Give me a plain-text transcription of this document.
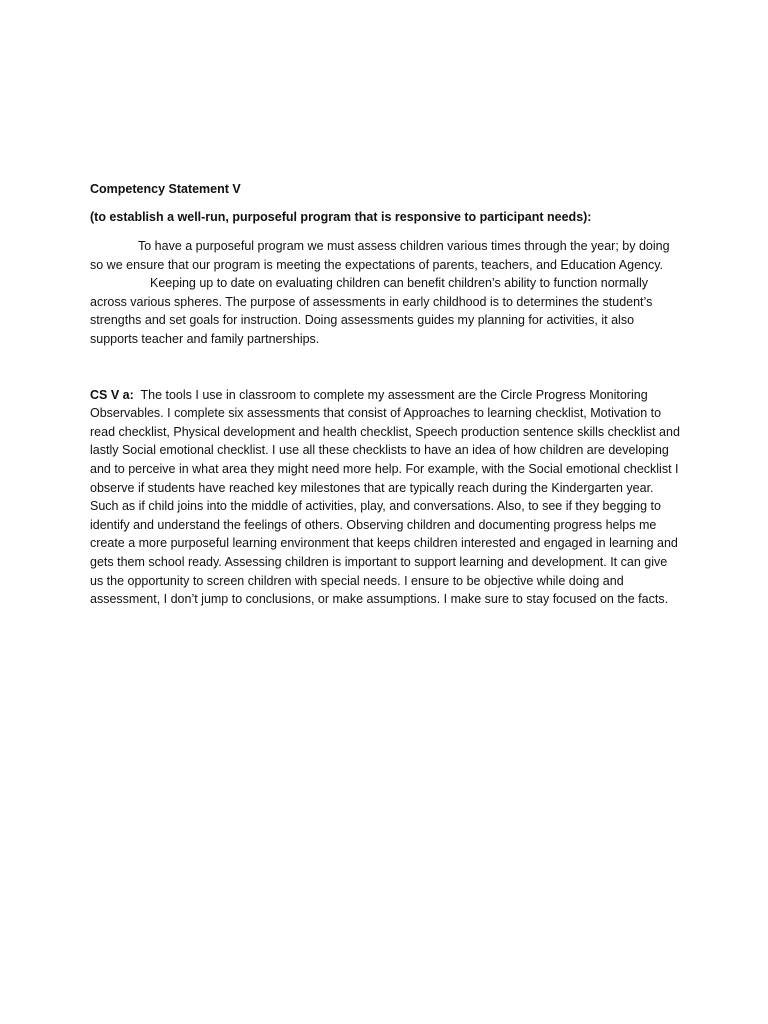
Competency Statement V
(to establish a well-run, purposeful program that is responsive to participant needs):

To have a purposeful program we must assess children various times through the year; by doing so we ensure that our program is meeting the expectations of parents, teachers, and Education Agency.

Keeping up to date on evaluating children can benefit children’s ability to function normally across various spheres. The purpose of assessments in early childhood is to determines the student’s strengths and set goals for instruction. Doing assessments guides my planning for activities, it also supports teacher and family partnerships.

CS V a: The tools I use in classroom to complete my assessment are the Circle Progress Monitoring Observables. I complete six assessments that consist of Approaches to learning checklist, Motivation to read checklist, Physical development and health checklist, Speech production sentence skills checklist and lastly Social emotional checklist. I use all these checklists to have an idea of how children are developing and to perceive in what area they might need more help. For example, with the Social emotional checklist I observe if students have reached key milestones that are typically reach during the Kindergarten year. Such as if child joins into the middle of activities, play, and conversations. Also, to see if they begging to identify and understand the feelings of others. Observing children and documenting progress helps me create a more purposeful learning environment that keeps children interested and engaged in learning and gets them school ready. Assessing children is important to support learning and development. It can give us the opportunity to screen children with special needs. I ensure to be objective while doing and assessment, I don’t jump to conclusions, or make assumptions. I make sure to stay focused on the facts.
